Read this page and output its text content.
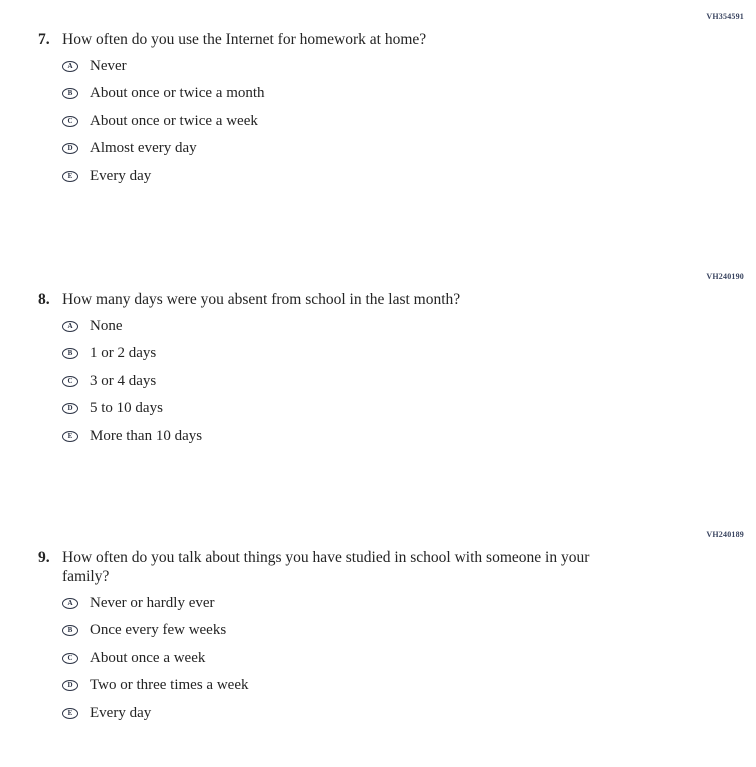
VH354591
7. How often do you use the Internet for homework at home?
A	Never
B	About once or twice a month
C	About once or twice a week
D	Almost every day
E	Every day
VH240190
8. How many days were you absent from school in the last month?
A	None
B	1 or 2 days
C	3 or 4 days
D	5 to 10 days
E	More than 10 days
VH240189
9. How often do you talk about things you have studied in school with someone in your family?
A	Never or hardly ever
B	Once every few weeks
C	About once a week
D	Two or three times a week
E	Every day
